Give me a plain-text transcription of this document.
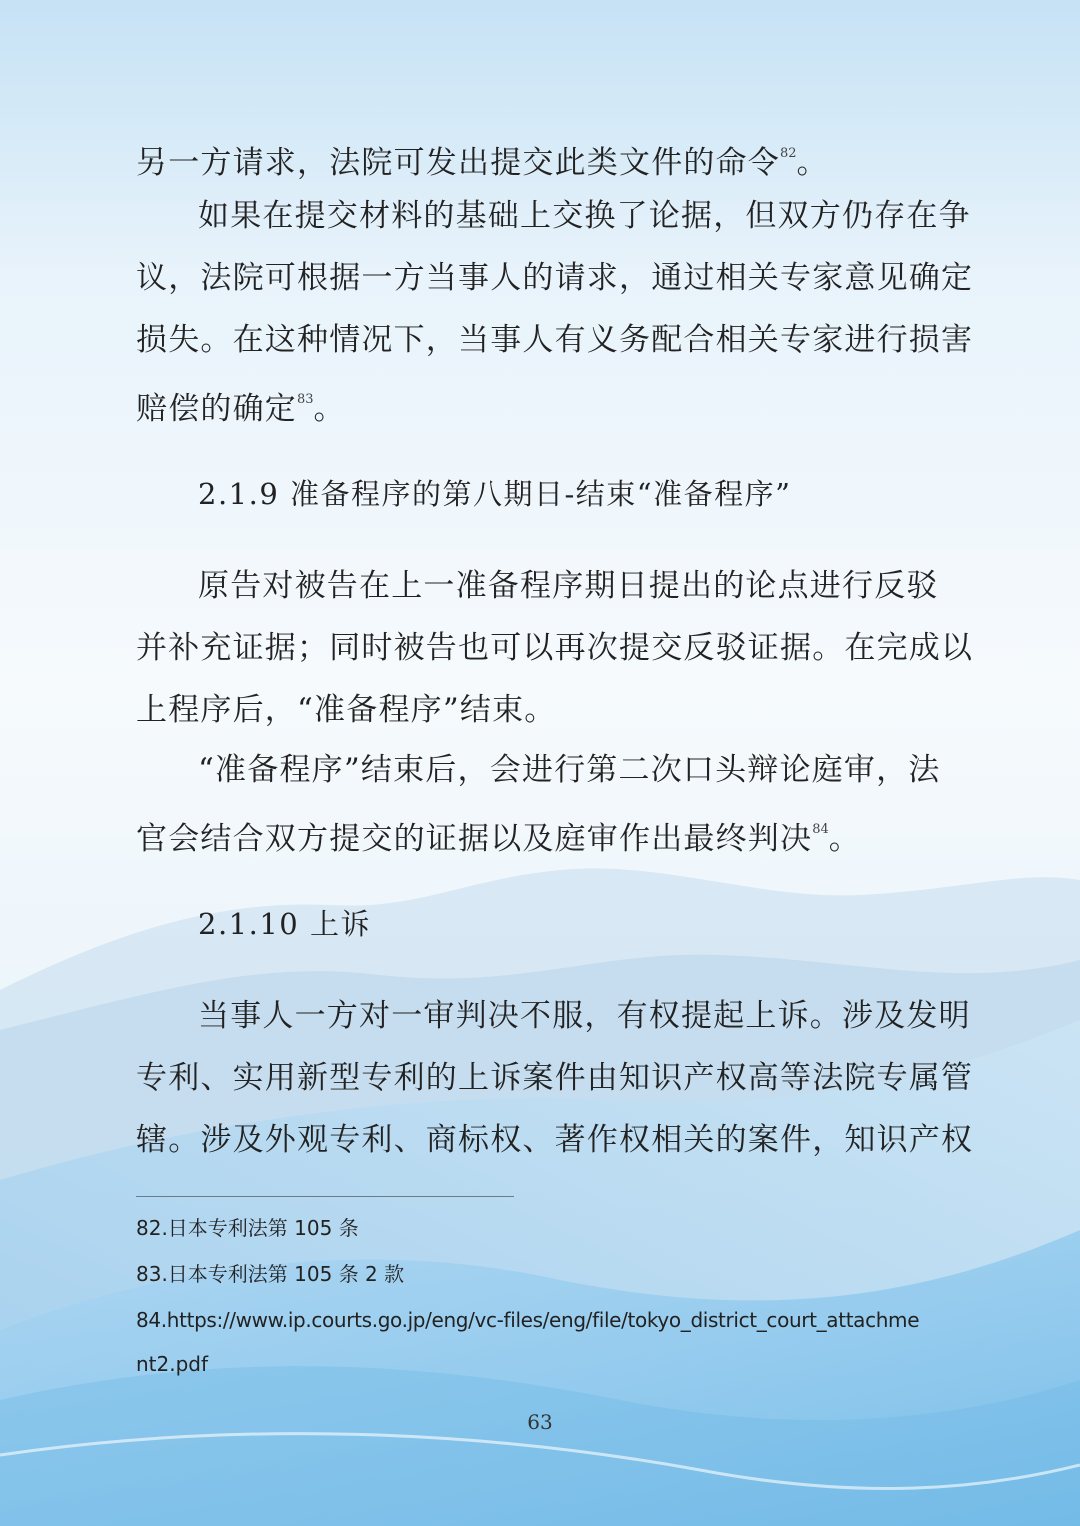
另一方请求，法院可发出提交此类文件的命令$^{82}$。
如果在提交材料的基础上交换了论据，但双方仍存在争
议，法院可根据一方当事人的请求，通过相关专家意见确定
损失。在这种情况下，当事人有义务配合相关专家进行损害
赔偿的确定$^{83}$。
2.1.9 准备程序的第八期日-结束“准备程序”
原告对被告在上一准备程序期日提出的论点进行反驳
并补充证据；同时被告也可以再次提交反驳证据。在完成以
上程序后，“准备程序”结束。
“准备程序”结束后，会进行第二次口头辩论庭审，法
官会结合双方提交的证据以及庭审作出最终判决$^{84}$。
2.1.10 上诉
当事人一方对一审判决不服，有权提起上诉。涉及发明
专利、实用新型专利的上诉案件由知识产权高等法院专属管
辖。涉及外观专利、商标权、著作权相关的案件，知识产权
82.日本专利法第 105 条
83.日本专利法第 105 条 2 款
84.https://www.ip.courts.go.jp/eng/vc-files/eng/file/tokyo_district_court_attachme
nt2.pdf
63
